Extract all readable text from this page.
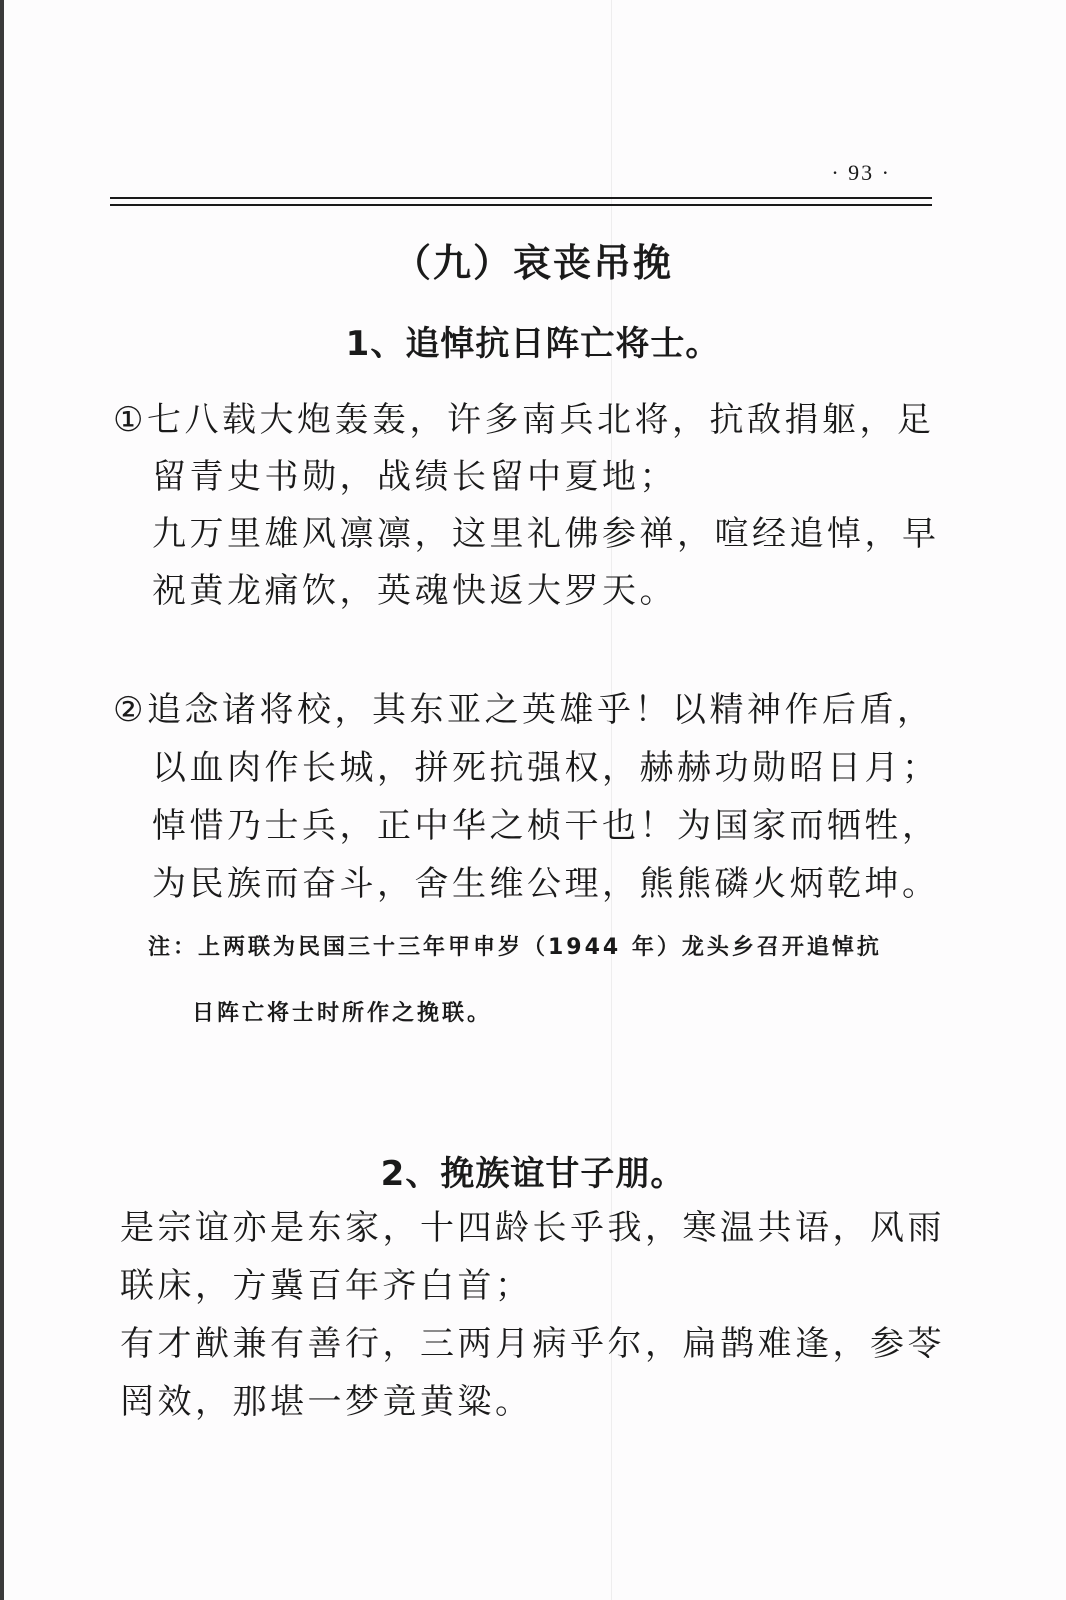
· 93 ·
（九）哀丧吊挽
1、追悼抗日阵亡将士。
①七八载大炮轰轰，许多南兵北将，抗敌捐躯，足
留青史书勋，战绩长留中夏地；
九万里雄风凛凛，这里礼佛参禅，喧经追悼，早
祝黄龙痛饮，英魂快返大罗天。
②追念诸将校，其东亚之英雄乎！以精神作后盾，
以血肉作长城，拼死抗强权，赫赫功勋昭日月；
悼惜乃士兵，正中华之桢干也！为国家而牺牲，
为民族而奋斗，舍生维公理，熊熊磷火炳乾坤。
注：上两联为民国三十三年甲申岁（1944 年）龙头乡召开追悼抗
日阵亡将士时所作之挽联。
2、挽族谊甘子朋。
是宗谊亦是东家，十四龄长乎我，寒温共语，风雨
联床，方冀百年齐白首；
有才猷兼有善行，三两月病乎尔，扁鹊难逢，参苓
罔效，那堪一梦竟黄粱。
